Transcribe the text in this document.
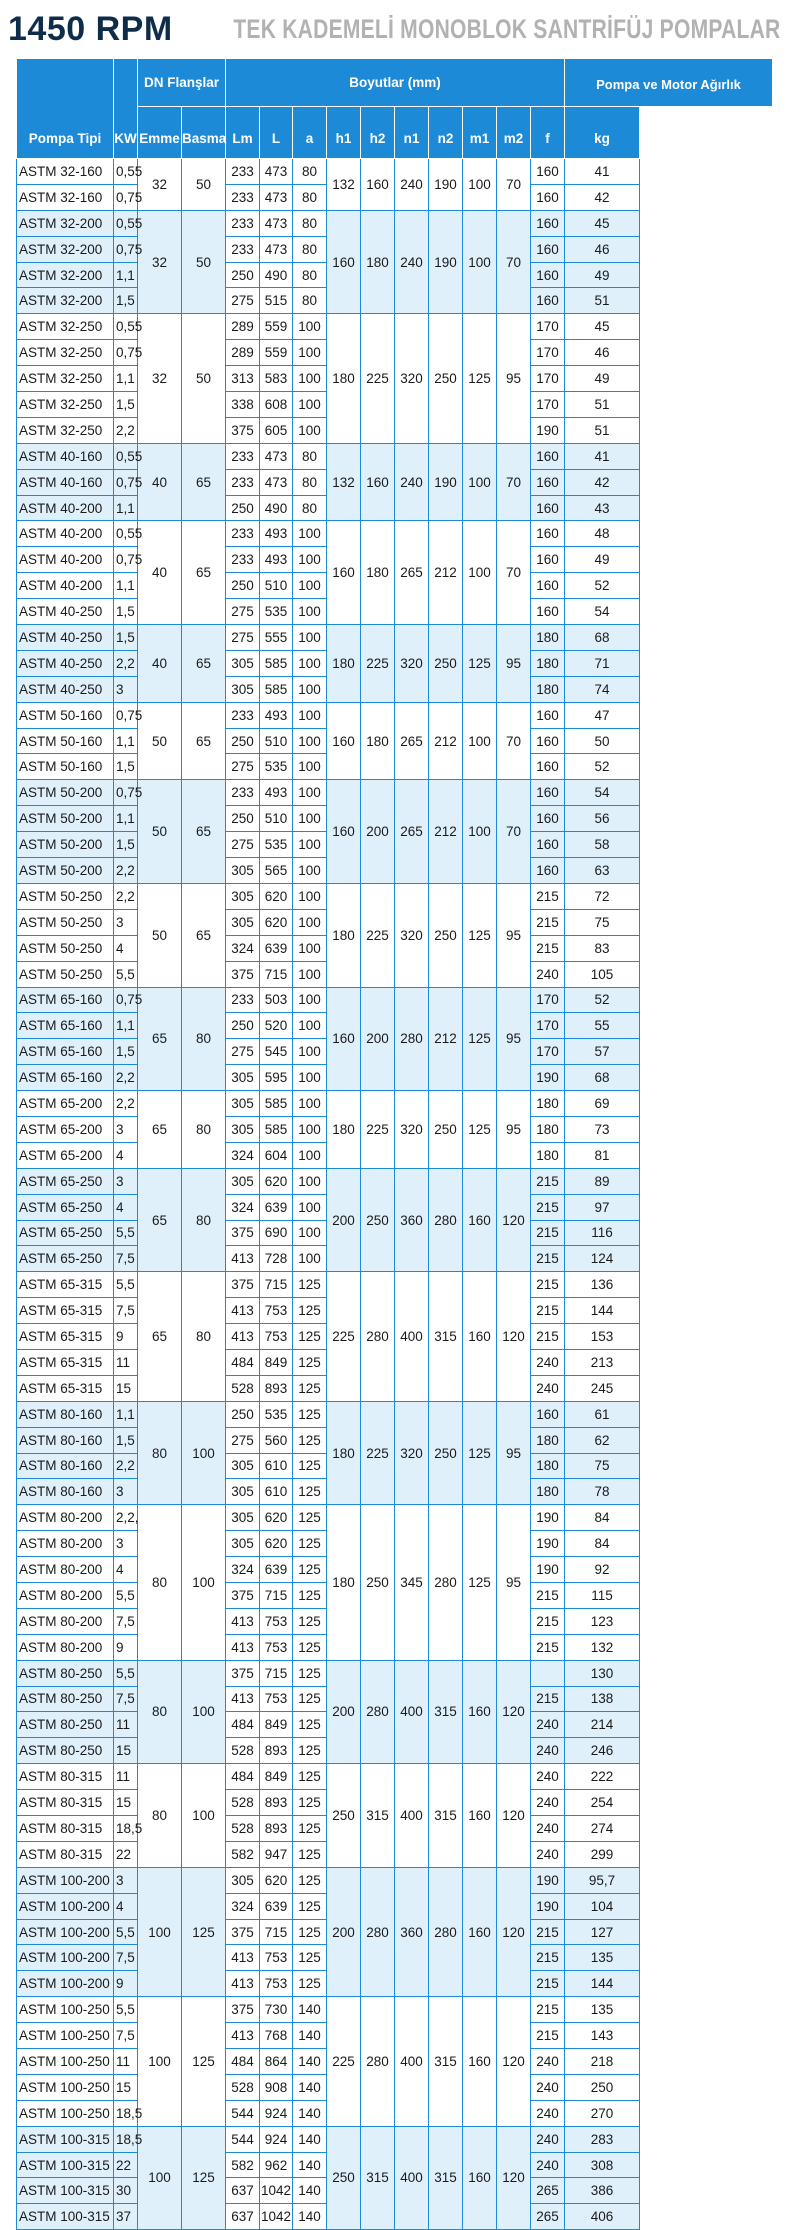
1450 RPM TEK KADEMELİ MONOBLOK SANTRİFÜJ POMPALAR
Pompa Tipi	KW	DN Flanşlar		Boyutlar (mm)										Pompa ve Motor Ağırlık
		Emme	Basma	Lm	L	a	h1	h2	n1	n2	m1	m2	f	kg
ASTM 32-160	0,55	32	50	233	473	80	132	160	240	190	100	70	160	41
ASTM 32-160	0,75			233	473	80							160	42
ASTM 32-200	0,55	32	50	233	473	80	160	180	240	190	100	70	160	45
ASTM 32-200	0,75			233	473	80							160	46
ASTM 32-200	1,1			250	490	80							160	49
ASTM 32-200	1,5			275	515	80							160	51
ASTM 32-250	0,55	32	50	289	559	100	180	225	320	250	125	95	170	45
ASTM 32-250	0,75			289	559	100							170	46
ASTM 32-250	1,1			313	583	100							170	49
ASTM 32-250	1,5			338	608	100							170	51
ASTM 32-250	2,2			375	605	100							190	51
ASTM 40-160	0,55	40	65	233	473	80	132	160	240	190	100	70	160	41
ASTM 40-160	0,75			233	473	80							160	42
ASTM 40-200	1,1			250	490	80							160	43
ASTM 40-200	0,55	40	65	233	493	100	160	180	265	212	100	70	160	48
ASTM 40-200	0,75			233	493	100							160	49
ASTM 40-200	1,1			250	510	100							160	52
ASTM 40-250	1,5			275	535	100							160	54
ASTM 40-250	1,5	40	65	275	555	100	180	225	320	250	125	95	180	68
ASTM 40-250	2,2			305	585	100							180	71
ASTM 40-250	3			305	585	100							180	74
ASTM 50-160	0,75	50	65	233	493	100	160	180	265	212	100	70	160	47
ASTM 50-160	1,1			250	510	100							160	50
ASTM 50-160	1,5			275	535	100							160	52
ASTM 50-200	0,75	50	65	233	493	100	160	200	265	212	100	70	160	54
ASTM 50-200	1,1			250	510	100							160	56
ASTM 50-200	1,5			275	535	100							160	58
ASTM 50-200	2,2			305	565	100							160	63
ASTM 50-250	2,2	50	65	305	620	100	180	225	320	250	125	95	215	72
ASTM 50-250	3			305	620	100							215	75
ASTM 50-250	4			324	639	100							215	83
ASTM 50-250	5,5			375	715	100							240	105
ASTM 65-160	0,75	65	80	233	503	100	160	200	280	212	125	95	170	52
ASTM 65-160	1,1			250	520	100							170	55
ASTM 65-160	1,5			275	545	100							170	57
ASTM 65-160	2,2			305	595	100							190	68
ASTM 65-200	2,2	65	80	305	585	100	180	225	320	250	125	95	180	69
ASTM 65-200	3			305	585	100							180	73
ASTM 65-200	4			324	604	100							180	81
ASTM 65-250	3	65	80	305	620	100	200	250	360	280	160	120	215	89
ASTM 65-250	4			324	639	100							215	97
ASTM 65-250	5,5			375	690	100							215	116
ASTM 65-250	7,5			413	728	100							215	124
ASTM 65-315	5,5	65	80	375	715	125	225	280	400	315	160	120	215	136
ASTM 65-315	7,5			413	753	125							215	144
ASTM 65-315	9			413	753	125							215	153
ASTM 65-315	11			484	849	125							240	213
ASTM 65-315	15			528	893	125							240	245
ASTM 80-160	1,1	80	100	250	535	125	180	225	320	250	125	95	160	61
ASTM 80-160	1,5			275	560	125							180	62
ASTM 80-160	2,2			305	610	125							180	75
ASTM 80-160	3			305	610	125							180	78
ASTM 80-200	2,2,	80	100	305	620	125	180	250	345	280	125	95	190	84
ASTM 80-200	3			305	620	125							190	84
ASTM 80-200	4			324	639	125							190	92
ASTM 80-200	5,5			375	715	125							215	115
ASTM 80-200	7,5			413	753	125							215	123
ASTM 80-200	9			413	753	125							215	132
ASTM 80-250	5,5	80	100	375	715	125	200	280	400	315	160	120		130
ASTM 80-250	7,5			413	753	125							215	138
ASTM 80-250	11			484	849	125							240	214
ASTM 80-250	15			528	893	125							240	246
ASTM 80-315	11	80	100	484	849	125	250	315	400	315	160	120	240	222
ASTM 80-315	15			528	893	125							240	254
ASTM 80-315	18,5			528	893	125							240	274
ASTM 80-315	22			582	947	125							240	299
ASTM 100-200	3	100	125	305	620	125	200	280	360	280	160	120	190	95,7
ASTM 100-200	4			324	639	125							190	104
ASTM 100-200	5,5			375	715	125							215	127
ASTM 100-200	7,5			413	753	125							215	135
ASTM 100-200	9			413	753	125							215	144
ASTM 100-250	5,5	100	125	375	730	140	225	280	400	315	160	120	215	135
ASTM 100-250	7,5			413	768	140							215	143
ASTM 100-250	11			484	864	140							240	218
ASTM 100-250	15			528	908	140							240	250
ASTM 100-250	18,5			544	924	140							240	270
ASTM 100-315	18,5	100	125	544	924	140	250	315	400	315	160	120	240	283
ASTM 100-315	22			582	962	140							240	308
ASTM 100-315	30			637	1042	140							265	386
ASTM 100-315	37			637	1042	140							265	406
